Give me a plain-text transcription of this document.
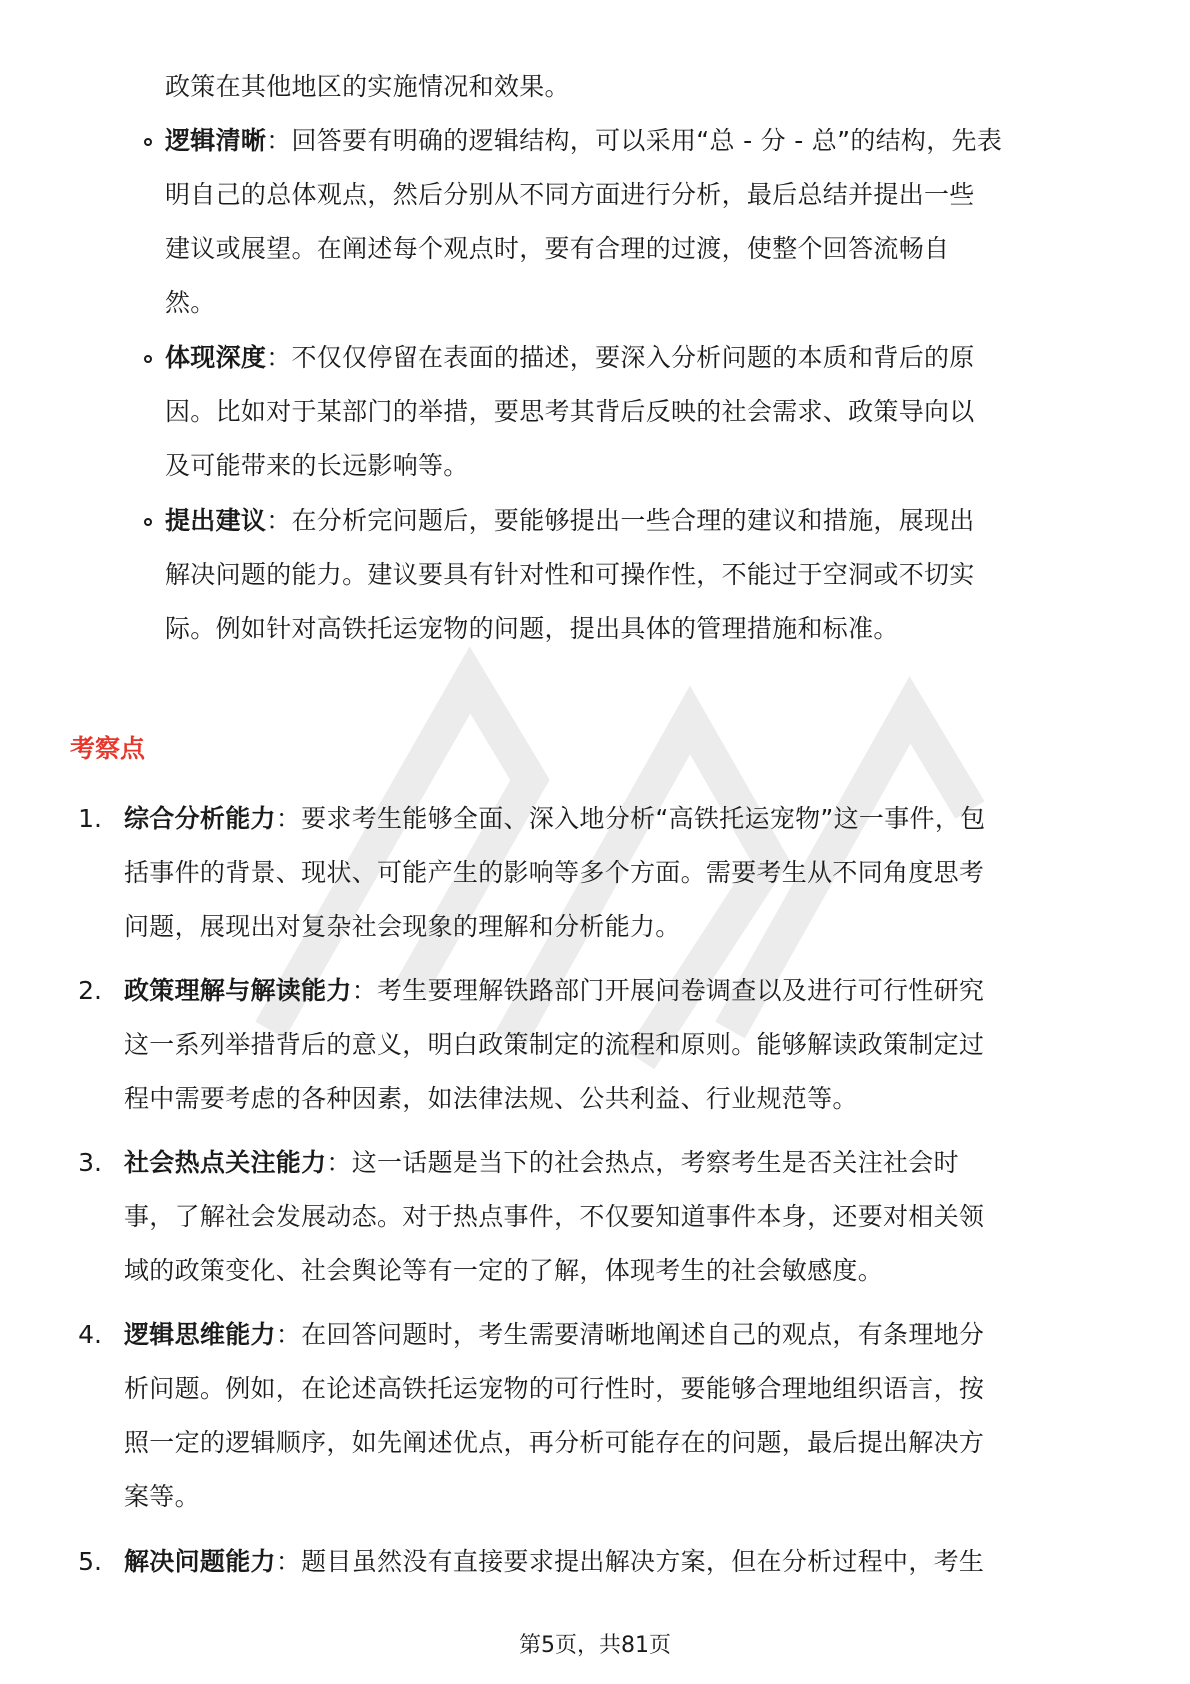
政策在其他地区的实施情况和效果。
逻辑清晰：回答要有明确的逻辑结构，可以采用“总 - 分 - 总”的结构，先表
明自己的总体观点，然后分别从不同方面进行分析，最后总结并提出一些
建议或展望。在阐述每个观点时，要有合理的过渡，使整个回答流畅自
然。
体现深度：不仅仅停留在表面的描述，要深入分析问题的本质和背后的原
因。比如对于某部门的举措，要思考其背后反映的社会需求、政策导向以
及可能带来的长远影响等。
提出建议：在分析完问题后，要能够提出一些合理的建议和措施，展现出
解决问题的能力。建议要具有针对性和可操作性，不能过于空洞或不切实
际。例如针对高铁托运宠物的问题，提出具体的管理措施和标准。
考察点
1. 综合分析能力：要求考生能够全面、深入地分析“高铁托运宠物”这一事件，包
括事件的背景、现状、可能产生的影响等多个方面。需要考生从不同角度思考
问题，展现出对复杂社会现象的理解和分析能力。
2. 政策理解与解读能力：考生要理解铁路部门开展问卷调查以及进行可行性研究
这一系列举措背后的意义，明白政策制定的流程和原则。能够解读政策制定过
程中需要考虑的各种因素，如法律法规、公共利益、行业规范等。
3. 社会热点关注能力：这一话题是当下的社会热点，考察考生是否关注社会时
事，了解社会发展动态。对于热点事件，不仅要知道事件本身，还要对相关领
域的政策变化、社会舆论等有一定的了解，体现考生的社会敏感度。
4. 逻辑思维能力：在回答问题时，考生需要清晰地阐述自己的观点，有条理地分
析问题。例如，在论述高铁托运宠物的可行性时，要能够合理地组织语言，按
照一定的逻辑顺序，如先阐述优点，再分析可能存在的问题，最后提出解决方
案等。
5. 解决问题能力：题目虽然没有直接要求提出解决方案，但在分析过程中，考生
第5页，共81页
